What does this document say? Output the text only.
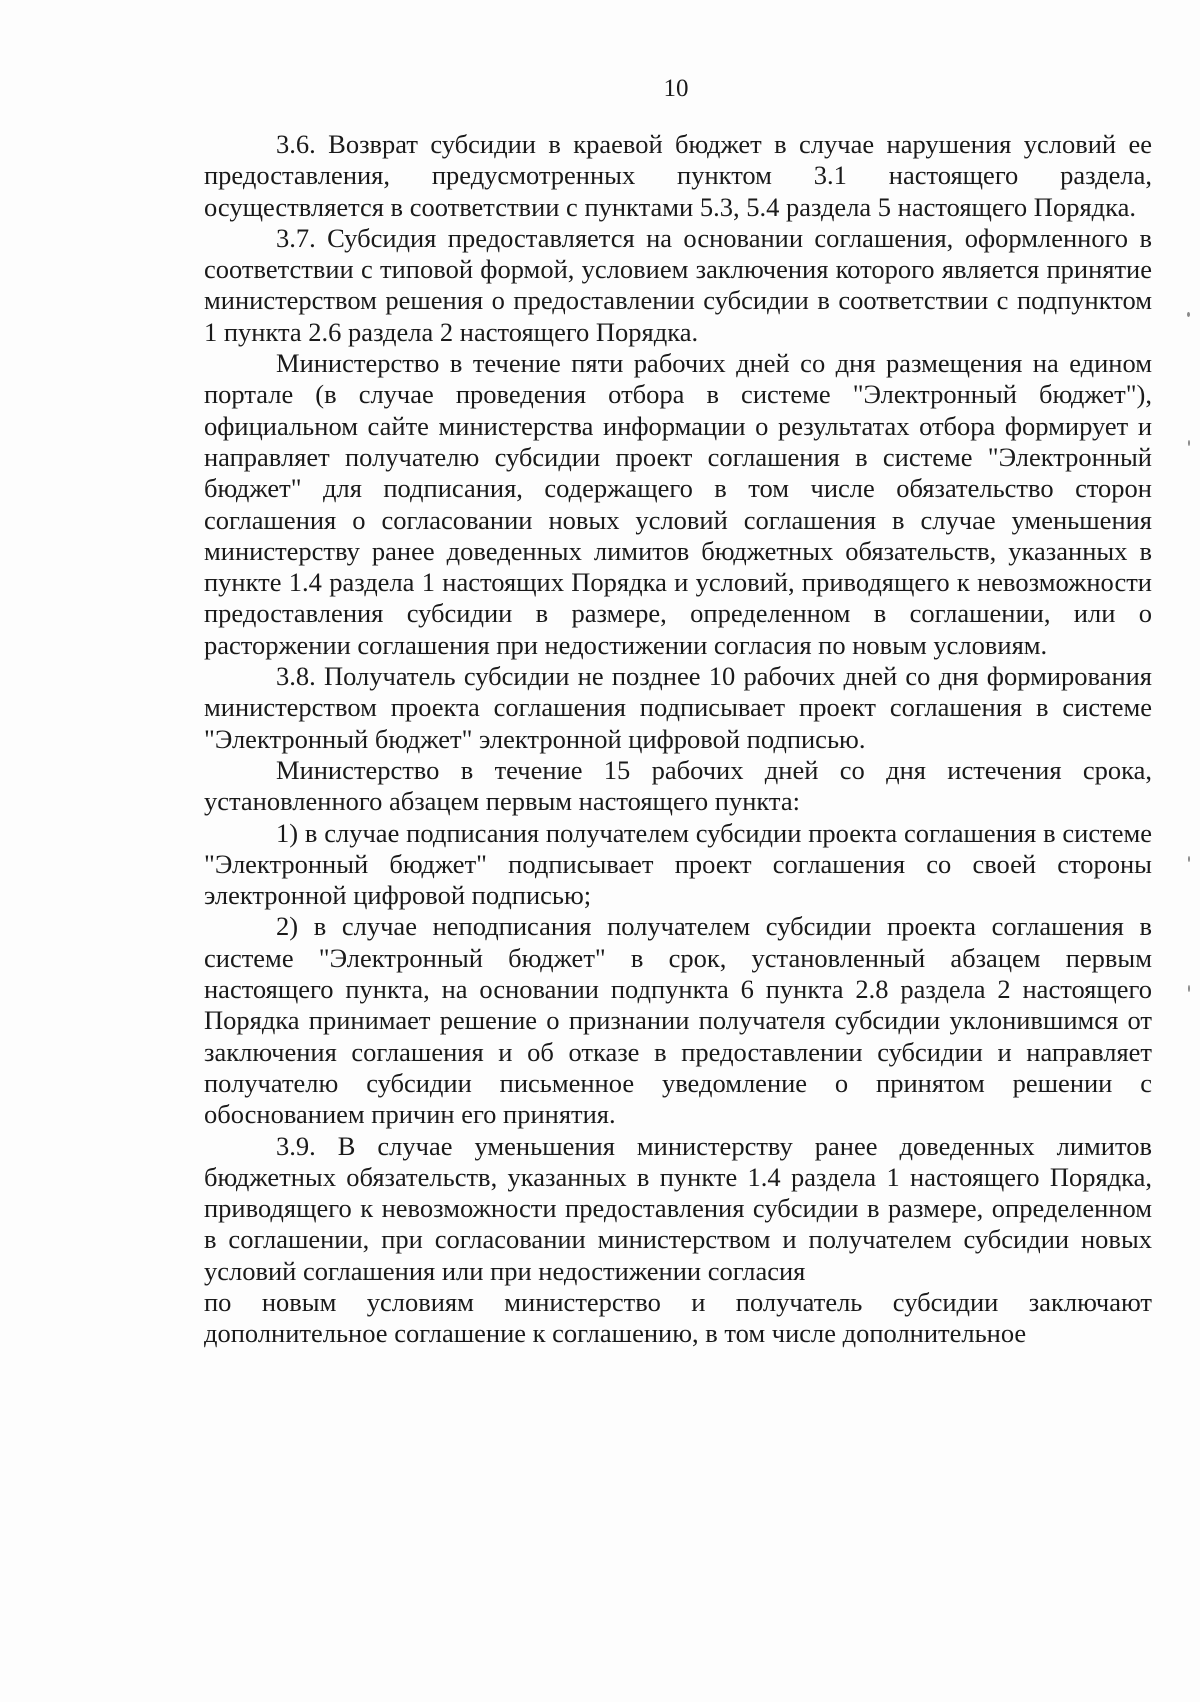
10

3.6. Возврат субсидии в краевой бюджет в случае нарушения условий ее предоставления, предусмотренных пунктом 3.1 настоящего раздела, осуществляется в соответствии с пунктами 5.3, 5.4 раздела 5 настоящего Порядка.

3.7. Субсидия предоставляется на основании соглашения, оформленного в соответствии с типовой формой, условием заключения которого является принятие министерством решения о предоставлении субсидии в соответствии с подпунктом 1 пункта 2.6 раздела 2 настоящего Порядка.

Министерство в течение пяти рабочих дней со дня размещения на едином портале (в случае проведения отбора в системе "Электронный бюджет"), официальном сайте министерства информации о результатах отбора формирует и направляет получателю субсидии проект соглашения в системе "Электронный бюджет" для подписания, содержащего в том числе обязательство сторон соглашения о согласовании новых условий соглашения в случае уменьшения министерству ранее доведенных лимитов бюджетных обязательств, указанных в пункте 1.4 раздела 1 настоящих Порядка и условий, приводящего к невозможности предоставления субсидии в размере, определенном в соглашении, или о расторжении соглашения при недостижении согласия по новым условиям.

3.8. Получатель субсидии не позднее 10 рабочих дней со дня формирования министерством проекта соглашения подписывает проект соглашения в системе "Электронный бюджет" электронной цифровой подписью.

Министерство в течение 15 рабочих дней со дня истечения срока, установленного абзацем первым настоящего пункта:

1) в случае подписания получателем субсидии проекта соглашения в системе "Электронный бюджет" подписывает проект соглашения со своей стороны электронной цифровой подписью;

2) в случае неподписания получателем субсидии проекта соглашения в системе "Электронный бюджет" в срок, установленный абзацем первым настоящего пункта, на основании подпункта 6 пункта 2.8 раздела 2 настоящего Порядка принимает решение о признании получателя субсидии уклонившимся от заключения соглашения и об отказе в предоставлении субсидии и направляет получателю субсидии письменное уведомление о принятом решении с обоснованием причин его принятия.

3.9. В случае уменьшения министерству ранее доведенных лимитов бюджетных обязательств, указанных в пункте 1.4 раздела 1 настоящего Порядка, приводящего к невозможности предоставления субсидии в размере, определенном в соглашении, при согласовании министерством и получателем субсидии новых условий соглашения или при недостижении согласия

по новым условиям министерство и получатель субсидии заключают дополнительное соглашение к соглашению, в том числе дополнительное
